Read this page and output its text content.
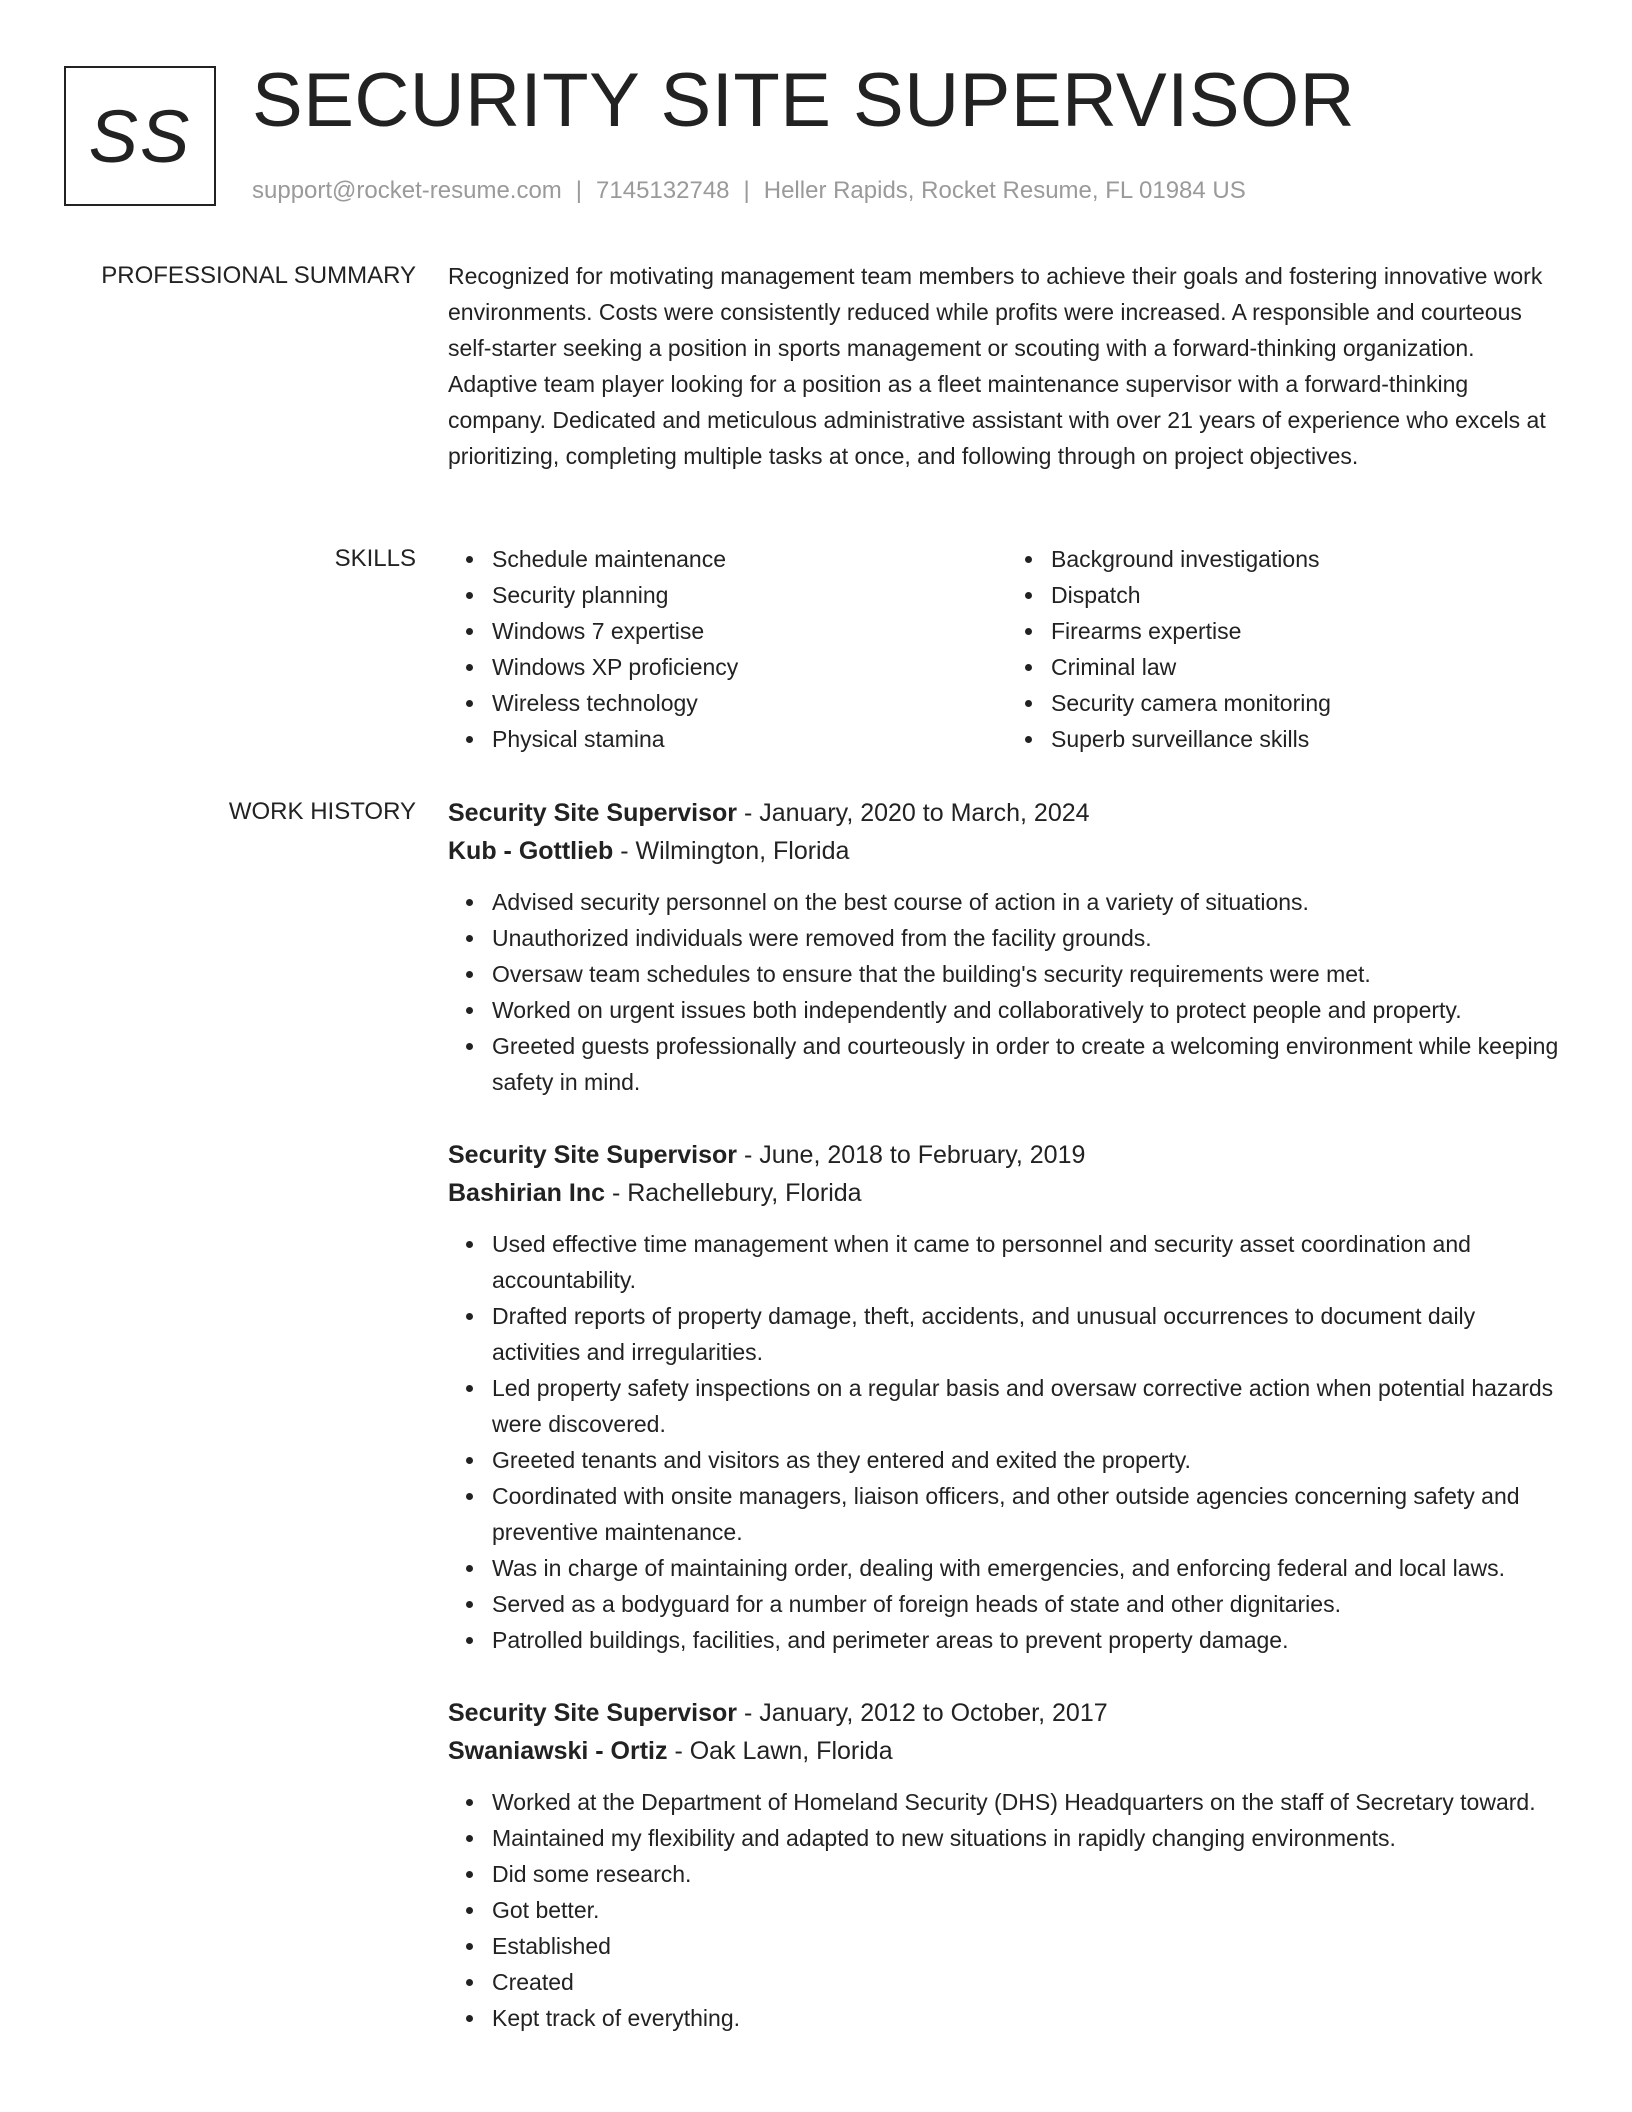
SS SECURITY SITE SUPERVISOR
support@rocket-resume.com | 7145132748 | Heller Rapids, Rocket Resume, FL 01984 US
PROFESSIONAL SUMMARY Recognized for motivating management team members to achieve their goals and fostering innovative work environments. Costs were consistently reduced while profits were increased. A responsible and courteous self-starter seeking a position in sports management or scouting with a forward-thinking organization. Adaptive team player looking for a position as a fleet maintenance supervisor with a forward-thinking company. Dedicated and meticulous administrative assistant with over 21 years of experience who excels at prioritizing, completing multiple tasks at once, and following through on project objectives.

SKILLS	Schedule maintenance
Security planning
Windows 7 expertise
Windows XP proficiency
Wireless technology
Physical stamina
Background investigations
Dispatch
Firearms expertise
Criminal law
Security camera monitoring
Superb surveillance skills
WORK HISTORY Security Site Supervisor - January, 2020 to March, 2024
Kub - Gottlieb - Wilmington, Florida
Advised security personnel on the best course of action in a variety of situations.
Unauthorized individuals were removed from the facility grounds.
Oversaw team schedules to ensure that the building's security requirements were met.
Worked on urgent issues both independently and collaboratively to protect people and property.
Greeted guests professionally and courteously in order to create a welcoming environment while keeping safety in mind.
Security Site Supervisor - June, 2018 to February, 2019
Bashirian Inc - Rachellebury, Florida
Used effective time management when it came to personnel and security asset coordination and accountability.
Drafted reports of property damage, theft, accidents, and unusual occurrences to document daily activities and irregularities.
Led property safety inspections on a regular basis and oversaw corrective action when potential hazards were discovered.
Greeted tenants and visitors as they entered and exited the property.
Coordinated with onsite managers, liaison officers, and other outside agencies concerning safety and preventive maintenance.
Was in charge of maintaining order, dealing with emergencies, and enforcing federal and local laws.
Served as a bodyguard for a number of foreign heads of state and other dignitaries.
Patrolled buildings, facilities, and perimeter areas to prevent property damage.
Security Site Supervisor - January, 2012 to October, 2017
Swaniawski - Ortiz - Oak Lawn, Florida
Worked at the Department of Homeland Security (DHS) Headquarters on the staff of Secretary toward.
Maintained my flexibility and adapted to new situations in rapidly changing environments.
Did some research.
Got better.
Established
Created
Kept track of everything.
